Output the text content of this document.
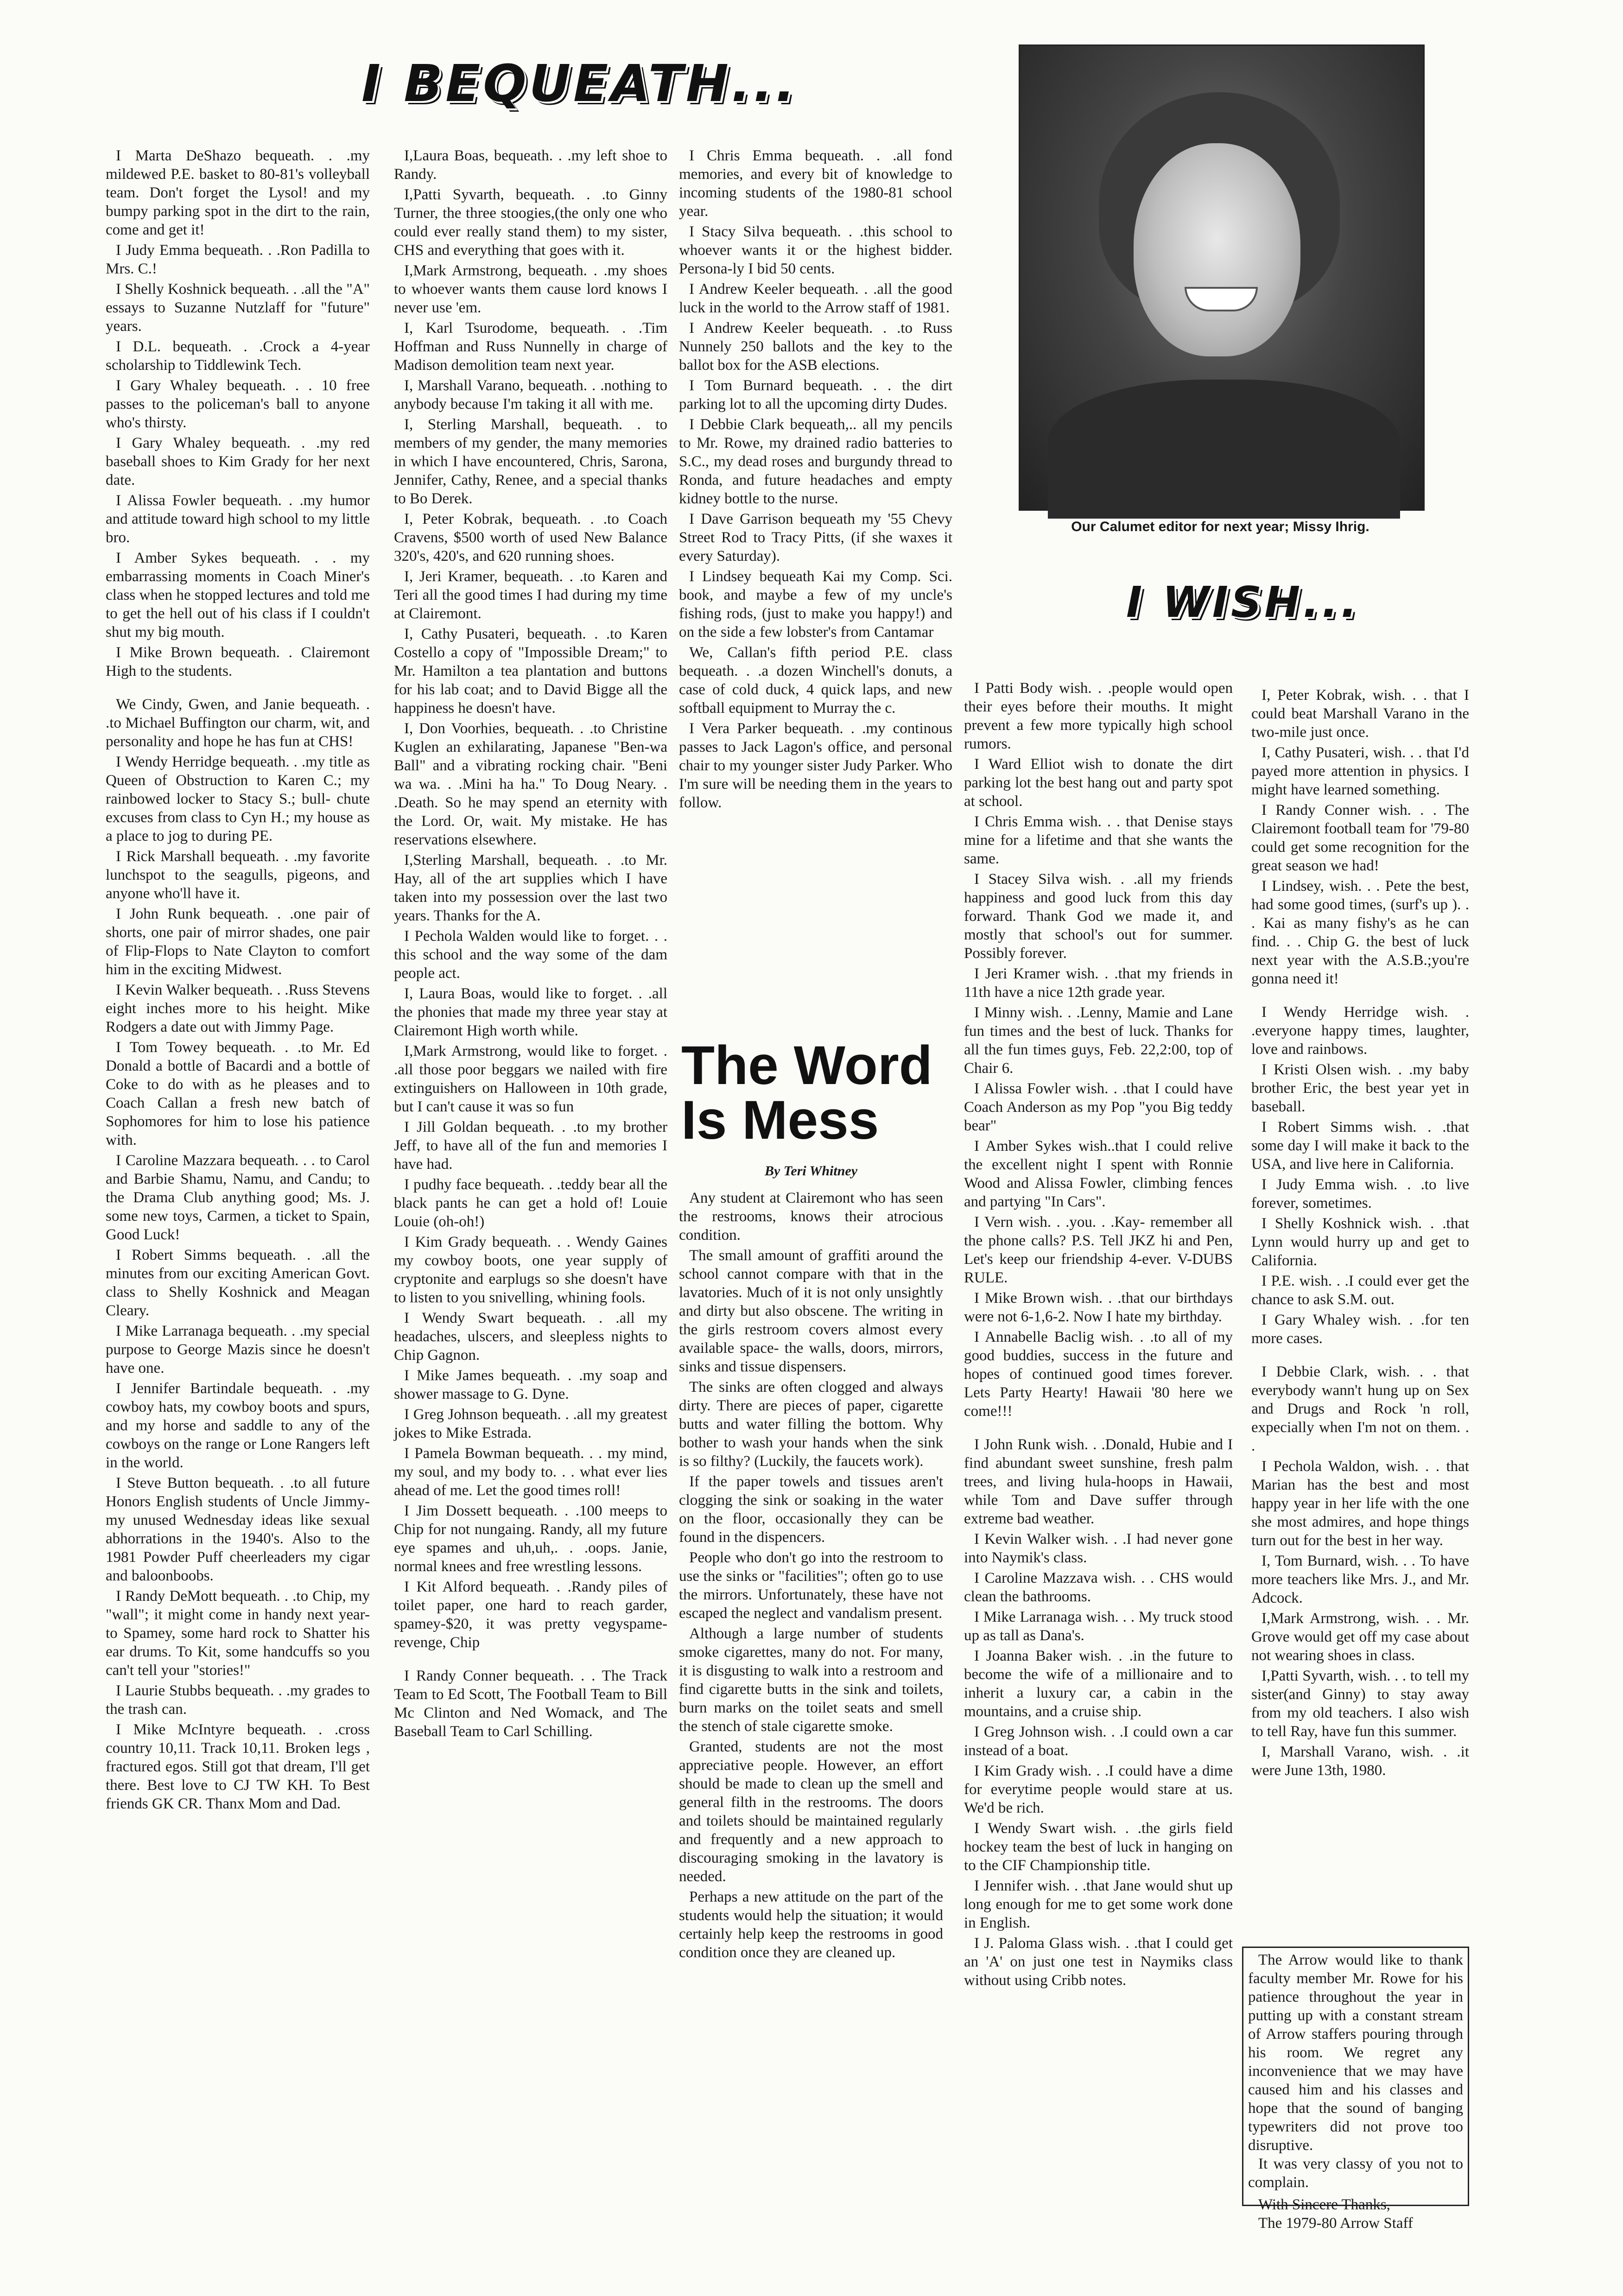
I BEQUEATH...
I WISH...
Our Calumet editor for next year; Missy Ihrig.

I Marta DeShazo bequeath. . .my mildewed P.E. basket to 80-81's volleyball team. Don't forget the Lysol! and my bumpy parking spot in the dirt to the rain, come and get it!

I Judy Emma bequeath. . .Ron Padilla to Mrs. C.!

I Shelly Koshnick bequeath. . .all the "A" essays to Suzanne Nutzlaff for "future" years.

I D.L. bequeath. . .Crock a 4-year scholarship to Tiddlewink Tech.

I Gary Whaley bequeath. . . 10 free passes to the policeman's ball to anyone who's thirsty.

I Gary Whaley bequeath. . .my red baseball shoes to Kim Grady for her next date.

I Alissa Fowler bequeath. . .my humor and attitude toward high school to my little bro.

I Amber Sykes bequeath. . . my embarrassing moments in Coach Miner's class when he stopped lectures and told me to get the hell out of his class if I couldn't shut my big mouth.

I Mike Brown bequeath. . Clairemont High to the students.

We Cindy, Gwen, and Janie bequeath. . .to Michael Buffington our charm, wit, and personality and hope he has fun at CHS!

I Wendy Herridge bequeath. . .my title as Queen of Obstruction to Karen C.; my rainbowed locker to Stacy S.; bull- chute excuses from class to Cyn H.; my house as a place to jog to during PE.

I Rick Marshall bequeath. . .my favorite lunchspot to the seagulls, pigeons, and anyone who'll have it.

I John Runk bequeath. . .one pair of shorts, one pair of mirror shades, one pair of Flip-Flops to Nate Clayton to comfort him in the exciting Midwest.

I Kevin Walker bequeath. . .Russ Stevens eight inches more to his height. Mike Rodgers a date out with Jimmy Page.

I Tom Towey bequeath. . .to Mr. Ed Donald a bottle of Bacardi and a bottle of Coke to do with as he pleases and to Coach Callan a fresh new batch of Sophomores for him to lose his patience with.

I Caroline Mazzara bequeath. . . to Carol and Barbie Shamu, Namu, and Candu; to the Drama Club anything good; Ms. J. some new toys, Carmen, a ticket to Spain, Good Luck!

I Robert Simms bequeath. . .all the minutes from our exciting American Govt. class to Shelly Koshnick and Meagan Cleary.

I Mike Larranaga bequeath. . .my special purpose to George Mazis since he doesn't have one.

I Jennifer Bartindale bequeath. . .my cowboy hats, my cowboy boots and spurs, and my horse and saddle to any of the cowboys on the range or Lone Rangers left in the world.

I Steve Button bequeath. . .to all future Honors English students of Uncle Jimmy- my unused Wednesday ideas like sexual abhorrations in the 1940's. Also to the 1981 Powder Puff cheerleaders my cigar and baloonboobs.

I Randy DeMott bequeath. . .to Chip, my "wall"; it might come in handy next year-to Spamey, some hard rock to Shatter his ear drums. To Kit, some handcuffs so you can't tell your "stories!"

I Laurie Stubbs bequeath. . .my grades to the trash can.

I Mike McIntyre bequeath. . .cross country 10,11. Track 10,11. Broken legs , fractured egos. Still got that dream, I'll get there. Best love to CJ TW KH. To Best friends GK CR. Thanx Mom and Dad.

I,Laura Boas, bequeath. . .my left shoe to Randy.

I,Patti Syvarth, bequeath. . .to Ginny Turner, the three stoogies,(the only one who could ever really stand them) to my sister, CHS and everything that goes with it.

I,Mark Armstrong, bequeath. . .my shoes to whoever wants them cause lord knows I never use 'em.

I, Karl Tsurodome, bequeath. . .Tim Hoffman and Russ Nunnelly in charge of Madison demolition team next year.

I, Marshall Varano, bequeath. . .nothing to anybody because I'm taking it all with me.

I, Sterling Marshall, bequeath. . to members of my gender, the many memories in which I have encountered, Chris, Sarona, Jennifer, Cathy, Renee, and a special thanks to Bo Derek.

I, Peter Kobrak, bequeath. . .to Coach Cravens, $500 worth of used New Balance 320's, 420's, and 620 running shoes.

I, Jeri Kramer, bequeath. . .to Karen and Teri all the good times I had during my time at Clairemont.

I, Cathy Pusateri, bequeath. . .to Karen Costello a copy of "Impossible Dream;" to Mr. Hamilton a tea plantation and buttons for his lab coat; and to David Bigge all the happiness he doesn't have.

I, Don Voorhies, bequeath. . .to Christine Kuglen an exhilarating, Japanese "Ben-wa Ball" and a vibrating rocking chair. "Beni wa wa. . .Mini ha ha." To Doug Neary. . .Death. So he may spend an eternity with the Lord. Or, wait. My mistake. He has reservations elsewhere.

I,Sterling Marshall, bequeath. . .to Mr. Hay, all of the art supplies which I have taken into my possession over the last two years. Thanks for the A.

I Pechola Walden would like to forget. . . this school and the way some of the dam people act.

I, Laura Boas, would like to forget. . .all the phonies that made my three year stay at Clairemont High worth while.

I,Mark Armstrong, would like to forget. . .all those poor beggars we nailed with fire extinguishers on Halloween in 10th grade, but I can't cause it was so fun

I Jill Goldan bequeath. . .to my brother Jeff, to have all of the fun and memories I have had.

I pudhy face bequeath. . .teddy bear all the black pants he can get a hold of! Louie Louie (oh-oh!)

I Kim Grady bequeath. . . Wendy Gaines my cowboy boots, one year supply of cryptonite and earplugs so she doesn't have to listen to you snivelling, whining fools.

I Wendy Swart bequeath. . .all my headaches, ulscers, and sleepless nights to Chip Gagnon.

I Mike James bequeath. . .my soap and shower massage to G. Dyne.

I Greg Johnson bequeath. . .all my greatest jokes to Mike Estrada.

I Pamela Bowman bequeath. . . my mind, my soul, and my body to. . . what ever lies ahead of me. Let the good times roll!

I Jim Dossett bequeath. . .100 meeps to Chip for not nungaing. Randy, all my future eye spames and uh,uh,. . .oops. Janie, normal knees and free wrestling lessons.

I Kit Alford bequeath. . .Randy piles of toilet paper, one hard to reach garder, spamey-$20, it was pretty vegyspame-revenge, Chip

I Randy Conner bequeath. . . The Track Team to Ed Scott, The Football Team to Bill Mc Clinton and Ned Womack, and The Baseball Team to Carl Schilling.

I Chris Emma bequeath. . .all fond memories, and every bit of knowledge to incoming students of the 1980-81 school year.

I Stacy Silva bequeath. . .this school to whoever wants it or the highest bidder. Persona-ly I bid 50 cents.

I Andrew Keeler bequeath. . .all the good luck in the world to the Arrow staff of 1981.

I Andrew Keeler bequeath. . .to Russ Nunnely 250 ballots and the key to the ballot box for the ASB elections.

I Tom Burnard bequeath. . . the dirt parking lot to all the upcoming dirty Dudes.

I Debbie Clark bequeath,.. all my pencils to Mr. Rowe, my drained radio batteries to S.C., my dead roses and burgundy thread to Ronda, and future headaches and empty kidney bottle to the nurse.

I Dave Garrison bequeath my '55 Chevy Street Rod to Tracy Pitts, (if she waxes it every Saturday).

I Lindsey bequeath Kai my Comp. Sci. book, and maybe a few of my uncle's fishing rods, (just to make you happy!) and on the side a few lobster's from Cantamar

We, Callan's fifth period P.E. class bequeath. . .a dozen Winchell's donuts, a case of cold duck, 4 quick laps, and new softball equipment to Murray the c.

I Vera Parker bequeath. . .my continous passes to Jack Lagon's office, and personal chair to my younger sister Judy Parker. Who I'm sure will be needing them in the years to follow.

The Word Is Mess
By Teri Whitney

Any student at Clairemont who has seen the restrooms, knows their atrocious condition.

The small amount of graffiti around the school cannot compare with that in the lavatories. Much of it is not only unsightly and dirty but also obscene. The writing in the girls restroom covers almost every available space- the walls, doors, mirrors, sinks and tissue dispensers.

The sinks are often clogged and always dirty. There are pieces of paper, cigarette butts and water filling the bottom. Why bother to wash your hands when the sink is so filthy? (Luckily, the faucets work).

If the paper towels and tissues aren't clogging the sink or soaking in the water on the floor, occasionally they can be found in the dispencers.

People who don't go into the restroom to use the sinks or "facilities"; often go to use the mirrors. Unfortunately, these have not escaped the neglect and vandalism present.

Although a large number of students smoke cigarettes, many do not. For many, it is disgusting to walk into a restroom and find cigarette butts in the sink and toilets, burn marks on the toilet seats and smell the stench of stale cigarette smoke.

Granted, students are not the most appreciative people. However, an effort should be made to clean up the smell and general filth in the restrooms. The doors and toilets should be maintained regularly and frequently and a new approach to discouraging smoking in the lavatory is needed.

Perhaps a new attitude on the part of the students would help the situation; it would certainly help keep the restrooms in good condition once they are cleaned up.

I Patti Body wish. . .people would open their eyes before their mouths. It might prevent a few more typically high school rumors.

I Ward Elliot wish to donate the dirt parking lot the best hang out and party spot at school.

I Chris Emma wish. . . that Denise stays mine for a lifetime and that she wants the same.

I Stacey Silva wish. . .all my friends happiness and good luck from this day forward. Thank God we made it, and mostly that school's out for summer. Possibly forever.

I Jeri Kramer wish. . .that my friends in 11th have a nice 12th grade year.

I Minny wish. . .Lenny, Mamie and Lane fun times and the best of luck. Thanks for all the fun times guys, Feb. 22,2:00, top of Chair 6.

I Alissa Fowler wish. . .that I could have Coach Anderson as my Pop "you Big teddy bear"

I Amber Sykes wish..that I could relive the excellent night I spent with Ronnie Wood and Alissa Fowler, climbing fences and partying "In Cars".

I Vern wish. . .you. . .Kay- remember all the phone calls? P.S. Tell JKZ hi and Pen, Let's keep our friendship 4-ever. V-DUBS RULE.

I Mike Brown wish. . .that our birthdays were not 6-1,6-2. Now I hate my birthday.

I Annabelle Baclig wish. . .to all of my good buddies, success in the future and hopes of continued good times forever. Lets Party Hearty! Hawaii '80 here we come!!!

I John Runk wish. . .Donald, Hubie and I find abundant sweet sunshine, fresh palm trees, and living hula-hoops in Hawaii, while Tom and Dave suffer through extreme bad weather.

I Kevin Walker wish. . .I had never gone into Naymik's class.

I Caroline Mazzava wish. . . CHS would clean the bathrooms.

I Mike Larranaga wish. . . My truck stood up as tall as Dana's.

I Joanna Baker wish. . .in the future to become the wife of a millionaire and to inherit a luxury car, a cabin in the mountains, and a cruise ship.

I Greg Johnson wish. . .I could own a car instead of a boat.

I Kim Grady wish. . .I could have a dime for everytime people would stare at us. We'd be rich.

I Wendy Swart wish. . .the girls field hockey team the best of luck in hanging on to the CIF Championship title.

I Jennifer wish. . .that Jane would shut up long enough for me to get some work done in English.

I J. Paloma Glass wish. . .that I could get an 'A' on just one test in Naymiks class without using Cribb notes.

I, Peter Kobrak, wish. . . that I could beat Marshall Varano in the two-mile just once.

I, Cathy Pusateri, wish. . . that I'd payed more attention in physics. I might have learned something.

I Randy Conner wish. . . The Clairemont football team for '79-80 could get some recognition for the great season we had!

I Lindsey, wish. . . Pete the best, had some good times, (surf's up ). . . Kai as many fishy's as he can find. . . Chip G. the best of luck next year with the A.S.B.;you're gonna need it!

I Wendy Herridge wish. . .everyone happy times, laughter, love and rainbows.

I Kristi Olsen wish. . .my baby brother Eric, the best year yet in baseball.

I Robert Simms wish. . .that some day I will make it back to the USA, and live here in California.

I Judy Emma wish. . .to live forever, sometimes.

I Shelly Koshnick wish. . .that Lynn would hurry up and get to California.

I P.E. wish. . .I could ever get the chance to ask S.M. out.

I Gary Whaley wish. . .for ten more cases.

I Debbie Clark, wish. . . that everybody wann't hung up on Sex and Drugs and Rock 'n roll, expecially when I'm not on them. . .

I Pechola Waldon, wish. . . that Marian has the best and most happy year in her life with the one she most admires, and hope things turn out for the best in her way.

I, Tom Burnard, wish. . . To have more teachers like Mrs. J., and Mr. Adcock.

I,Mark Armstrong, wish. . . Mr. Grove would get off my case about not wearing shoes in class.

I,Patti Syvarth, wish. . . to tell my sister(and Ginny) to stay away from my old teachers. I also wish to tell Ray, have fun this summer.

I, Marshall Varano, wish. . .it were June 13th, 1980.

The Arrow would like to thank faculty member Mr. Rowe for his patience throughout the year in putting up with a constant stream of Arrow staffers pouring through his room. We regret any inconvenience that we may have caused him and his classes and hope that the sound of banging typewriters did not prove too disruptive.

It was very classy of you not to complain.

With Sincere Thanks,

The 1979-80 Arrow Staff
